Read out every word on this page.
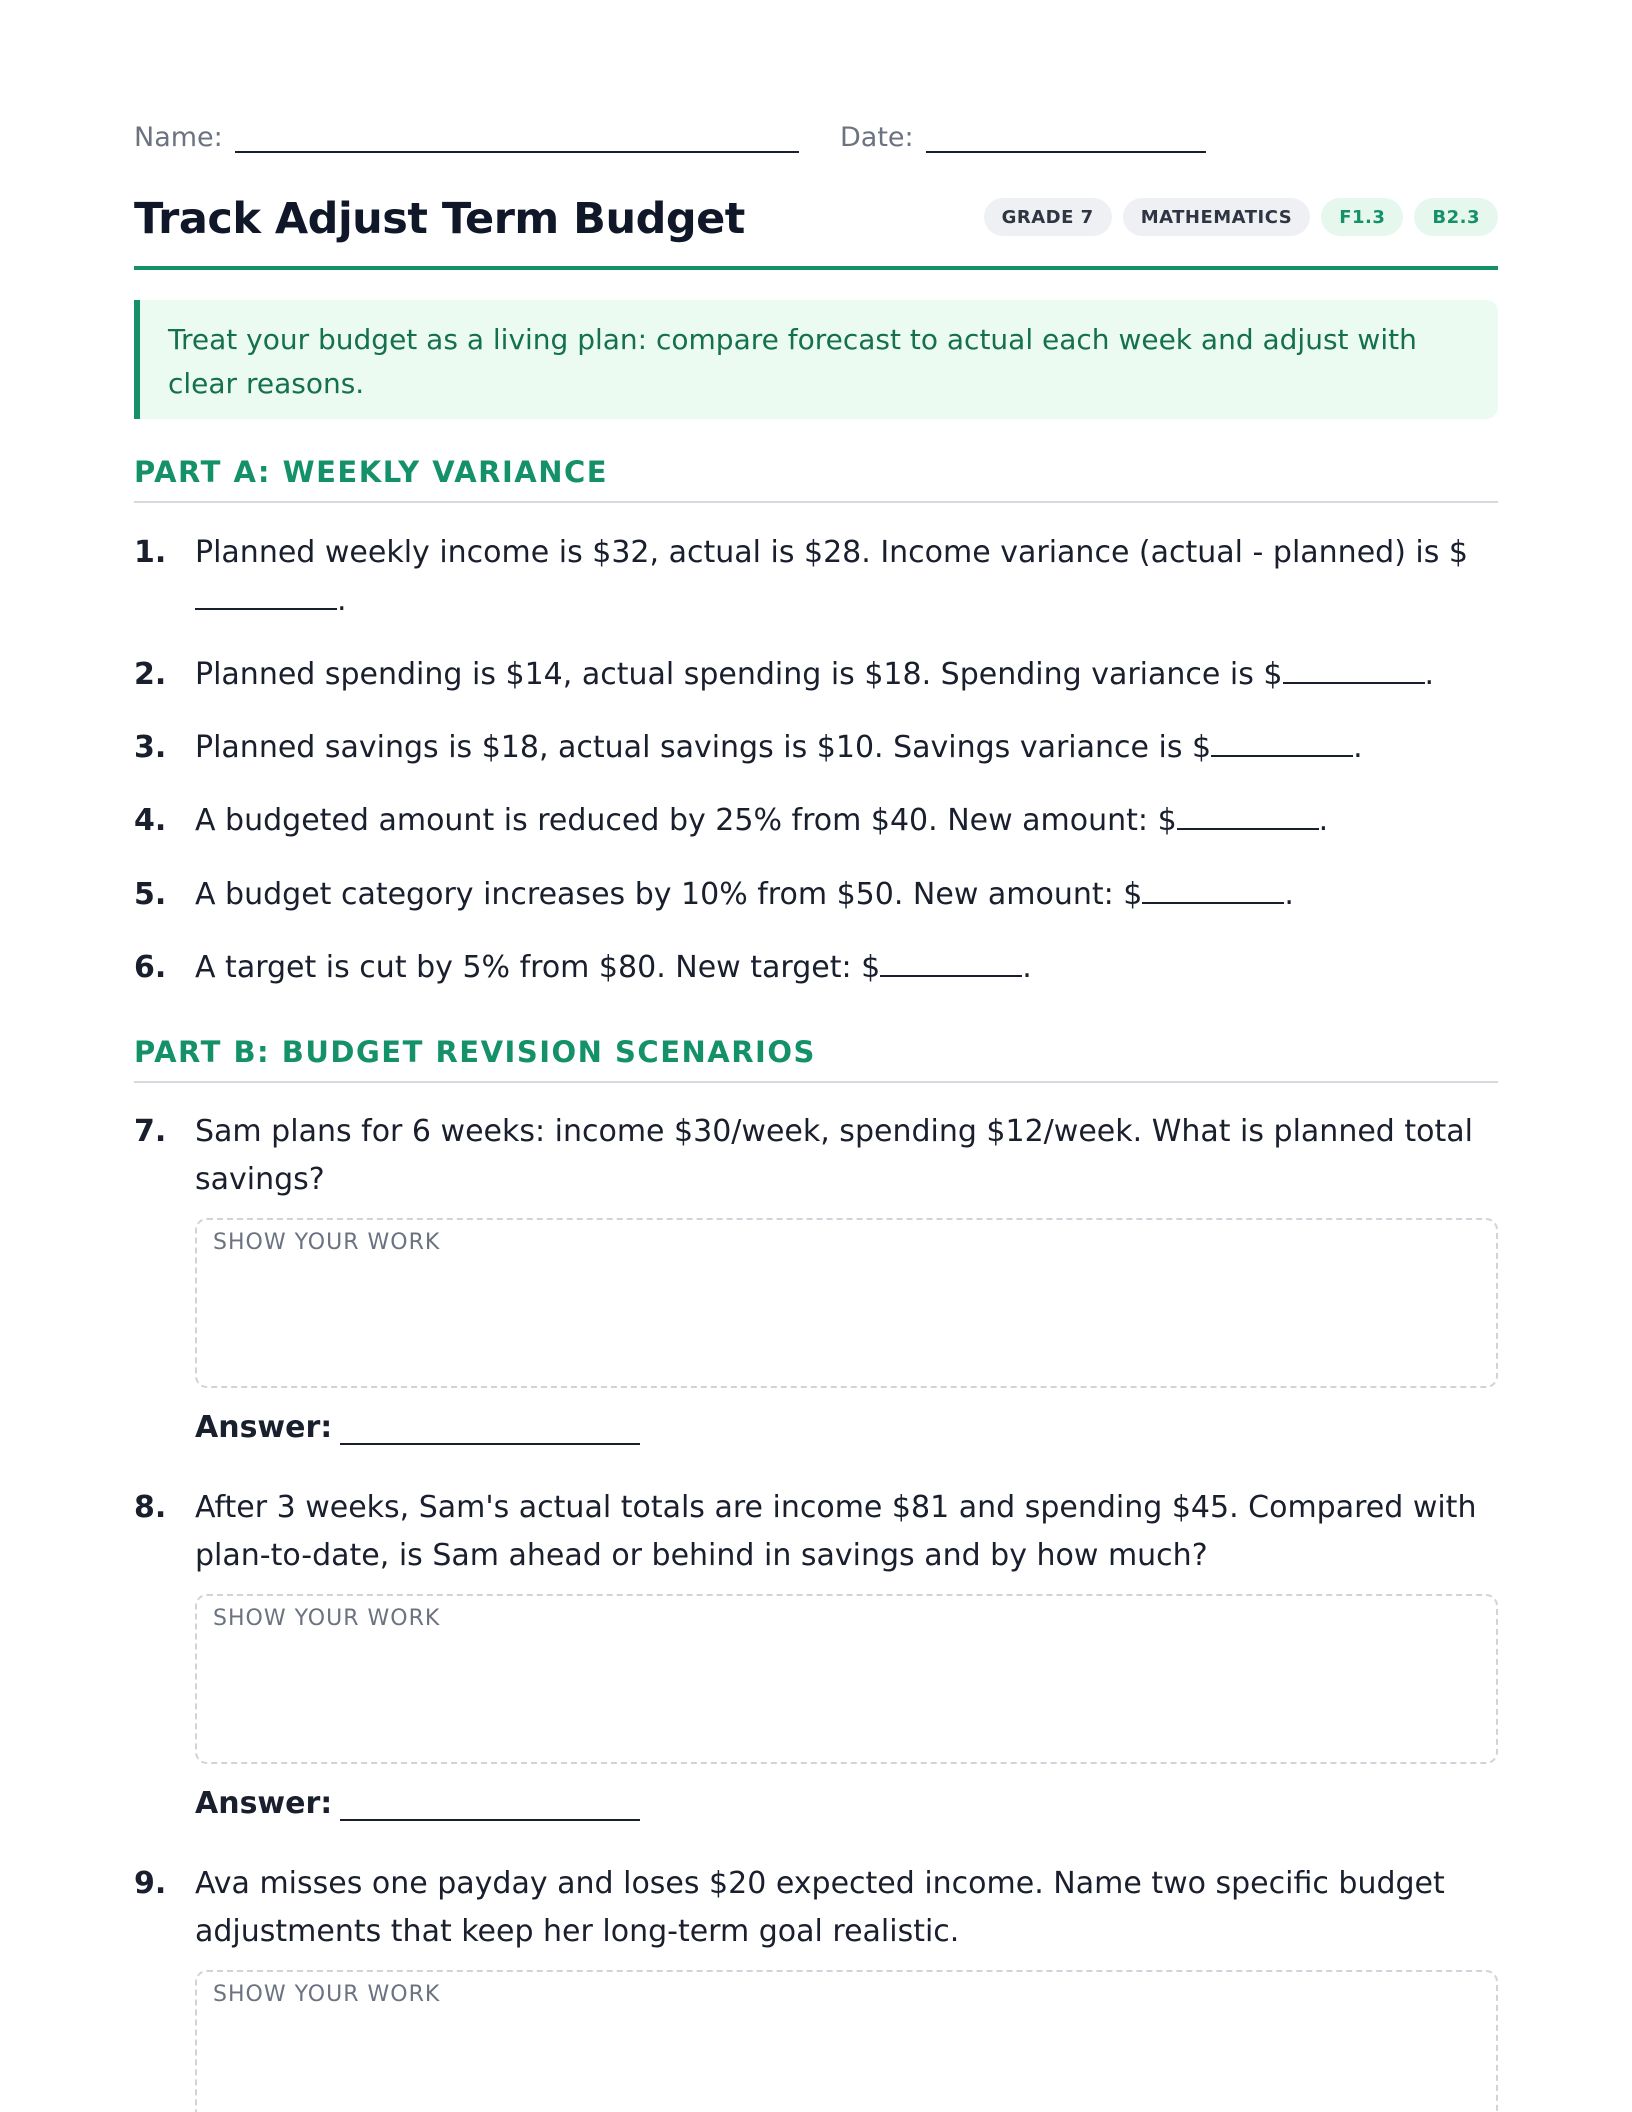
Name:	Date:
Track Adjust Term Budget	GRADE 7	MATHEMATICS	F1.3	B2.3
Treat your budget as a living plan: compare forecast to actual each week and adjust with clear reasons.
PART A: WEEKLY VARIANCE
1. Planned weekly income is $32, actual is $28. Income variance (actual - planned) is $ .
2. Planned spending is $14, actual spending is $18. Spending variance is $	.
3. Planned savings is $18, actual savings is $10. Savings variance is $	.
4. A budgeted amount is reduced by 25% from $40. New amount: $	.
5. A budget category increases by 10% from $50. New amount: $	.
6. A target is cut by 5% from $80. New target: $	.
PART B: BUDGET REVISION SCENARIOS
7. Sam plans for 6 weeks: income $30/week, spending $12/week. What is planned total savings?
SHOW YOUR WORK
Answer:
8. After 3 weeks, Sam's actual totals are income $81 and spending $45. Compared with plan-to-date, is Sam ahead or behind in savings and by how much?
SHOW YOUR WORK
Answer:
9. Ava misses one payday and loses $20 expected income. Name two specific budget adjustments that keep her long-term goal realistic.
SHOW YOUR WORK
